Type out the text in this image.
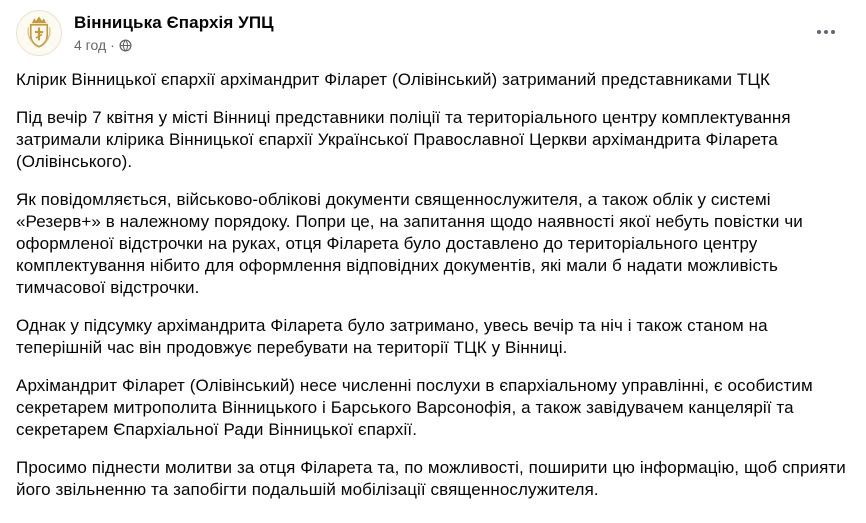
Вінницька Єпархія УПЦ
4 год ·

Клірик Вінницької єпархії архімандрит Філарет (Олівінський) затриманий представниками ТЦК

Під вечір 7 квітня у місті Вінниці представники поліції та територіального центру комплектування затримали клірика Вінницької єпархії Української Православної Церкви архімандрита Філарета (Олівінського).

Як повідомляється, військово-облікові документи священнослужителя, а також облік у системі «Резерв+» в належному порядоку. Попри це, на запитання щодо наявності якої небуть повістки чи оформленої відстрочки на руках, отця Філарета було доставлено до територіального центру комплектування нібито для оформлення відповідних документів, які мали б надати можливість тимчасової відстрочки.

Однак у підсумку архімандрита Філарета було затримано, увесь вечір та ніч і також станом на теперішній час він продовжує перебувати на території ТЦК у Вінниці.

Архімандрит Філарет (Олівінський) несе численні послухи в єпархіальному управлінні, є особистим секретарем митрополита Вінницького і Барського Варсонофія, а також завідувачем канцелярії та секретарем Єпархіальної Ради Вінницької єпархії.

Просимо піднести молитви за отця Філарета та, по можливості, поширити цю інформацію, щоб сприяти його звільненню та запобігти подальшій мобілізації священнослужителя.
